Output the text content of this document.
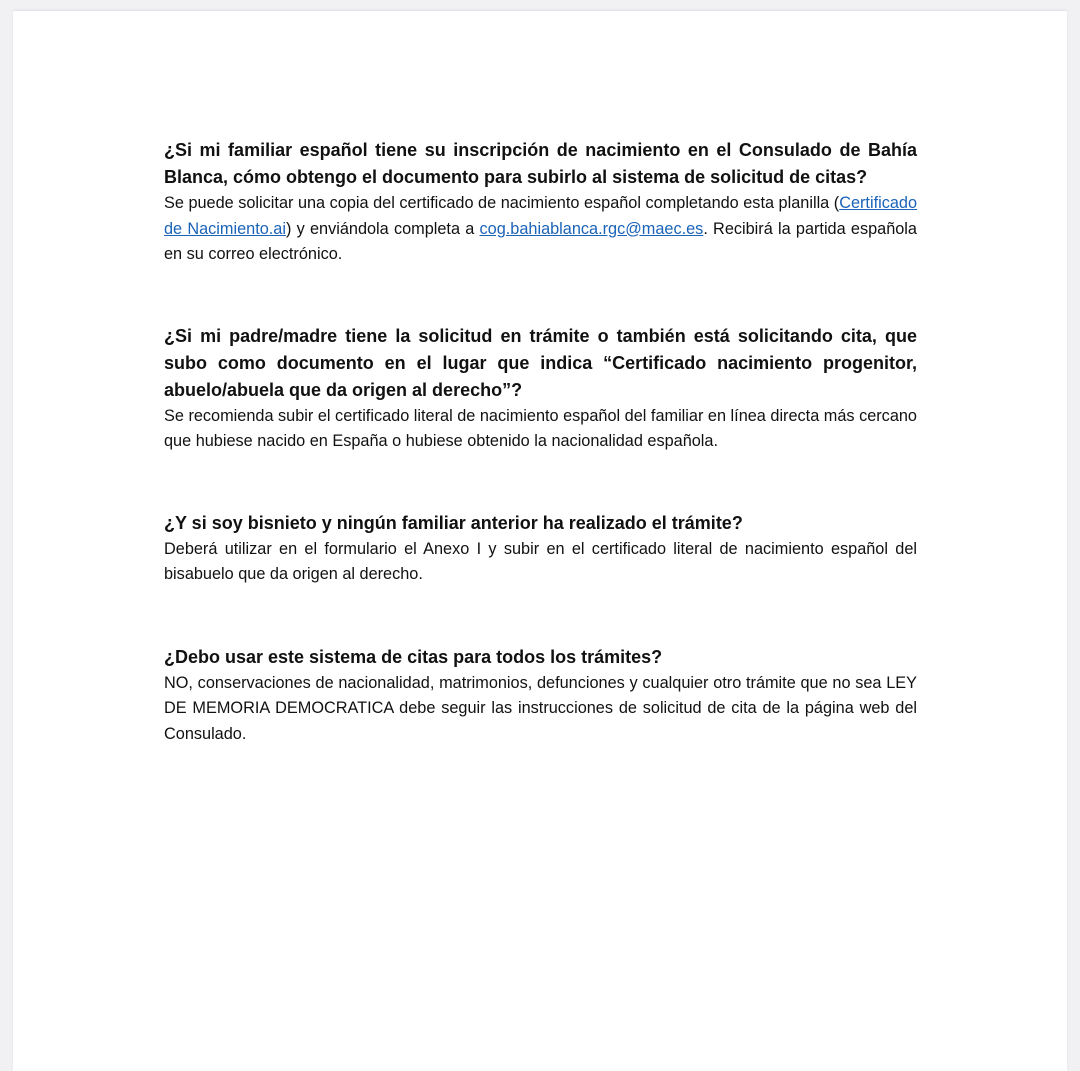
¿Si mi familiar español tiene su inscripción de nacimiento en el Consulado de Bahía Blanca, cómo obtengo el documento para subirlo al sistema de solicitud de citas?

Se puede solicitar una copia del certificado de nacimiento español completando esta planilla (Certificado de Nacimiento.ai) y enviándola completa a cog.bahiablanca.rgc@maec.es. Recibirá la partida española en su correo electrónico.

¿Si mi padre/madre tiene la solicitud en trámite o también está solicitando cita, que subo como documento en el lugar que indica “Certificado nacimiento progenitor, abuelo/abuela que da origen al derecho”?

Se recomienda subir el certificado literal de nacimiento español del familiar en línea directa más cercano que hubiese nacido en España o hubiese obtenido la nacionalidad española.

¿Y si soy bisnieto y ningún familiar anterior ha realizado el trámite?

Deberá utilizar en el formulario el Anexo I y subir en el certificado literal de nacimiento español del bisabuelo que da origen al derecho.

¿Debo usar este sistema de citas para todos los trámites?

NO, conservaciones de nacionalidad, matrimonios, defunciones y cualquier otro trámite que no sea LEY DE MEMORIA DEMOCRATICA debe seguir las instrucciones de solicitud de cita de la página web del Consulado.
